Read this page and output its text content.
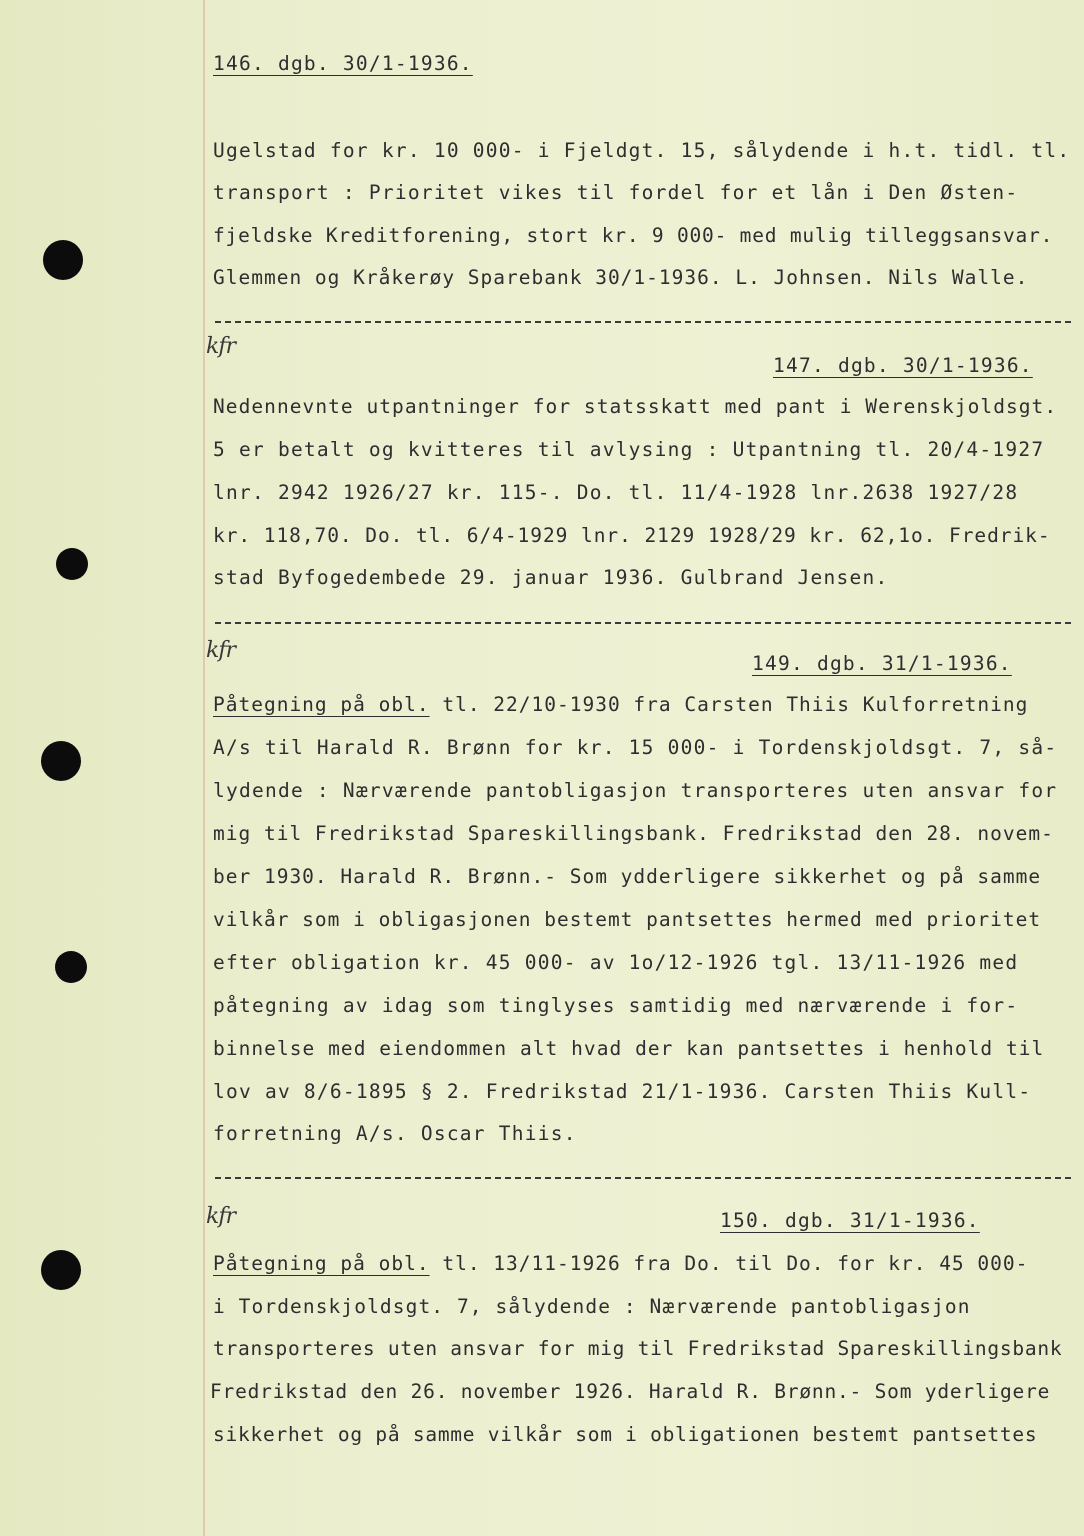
146. dgb. 30/1-1936.
Ugelstad for kr. 10 000- i Fjeldgt. 15, sålydende i h.t. tidl. tl.
transport : Prioritet vikes til fordel for et lån i Den Østen-
fjeldske Kreditforening, stort kr. 9 000- med mulig tilleggsansvar.
Glemmen og Kråkerøy Sparebank 30/1-1936. L. Johnsen. Nils Walle.
kfr
147. dgb. 30/1-1936.
Nedennevnte utpantninger for statsskatt med pant i Werenskjoldsgt.
5 er betalt og kvitteres til avlysing : Utpantning tl. 20/4-1927
lnr. 2942 1926/27 kr. 115-. Do. tl. 11/4-1928 lnr.2638 1927/28
kr. 118,70. Do. tl. 6/4-1929 lnr. 2129 1928/29 kr. 62,1o. Fredrik-
stad Byfogedembede 29. januar 1936. Gulbrand Jensen.
kfr
149. dgb. 31/1-1936.
Påtegning på obl. tl. 22/10-1930 fra Carsten Thiis Kulforretning
A/s til Harald R. Brønn for kr. 15 000- i Tordenskjoldsgt. 7, så-
lydende : Nærværende pantobligasjon transporteres uten ansvar for
mig til Fredrikstad Spareskillingsbank. Fredrikstad den 28. novem-
ber 1930. Harald R. Brønn.- Som ydderligere sikkerhet og på samme
vilkår som i obligasjonen bestemt pantsettes hermed med prioritet
efter obligation kr. 45 000- av 1o/12-1926 tgl. 13/11-1926 med
påtegning av idag som tinglyses samtidig med nærværende i for-
binnelse med eiendommen alt hvad der kan pantsettes i henhold til
lov av 8/6-1895 § 2. Fredrikstad 21/1-1936. Carsten Thiis Kull-
forretning A/s. Oscar Thiis.
kfr	150. dgb. 31/1-1936.
Påtegning på obl. tl. 13/11-1926 fra Do. til Do. for kr. 45 000-
i Tordenskjoldsgt. 7, sålydende : Nærværende pantobligasjon
transporteres uten ansvar for mig til Fredrikstad Spareskillingsbank
Fredrikstad den 26. november 1926. Harald R. Brønn.- Som yderligere
sikkerhet og på samme vilkår som i obligationen bestemt pantsettes
